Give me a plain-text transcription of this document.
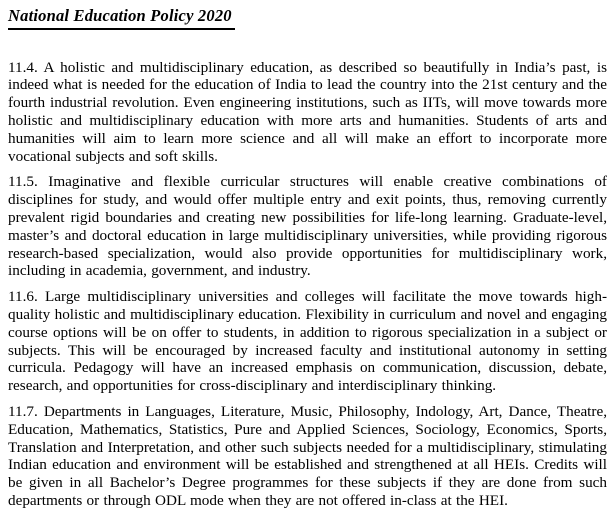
National Education Policy 2020

11.4. A holistic and multidisciplinary education, as described so beautifully in India’s past, is indeed what is needed for the education of India to lead the country into the 21st century and the fourth industrial revolution. Even engineering institutions, such as IITs, will move towards more holistic and multidisciplinary education with more arts and humanities. Students of arts and humanities will aim to learn more science and all will make an effort to incorporate more vocational subjects and soft skills.

11.5. Imaginative and flexible curricular structures will enable creative combinations of disciplines for study, and would offer multiple entry and exit points, thus, removing currently prevalent rigid boundaries and creating new possibilities for life-long learning. Graduate-level, master’s and doctoral education in large multidisciplinary universities, while providing rigorous research-based specialization, would also provide opportunities for multidisciplinary work, including in academia, government, and industry.

11.6. Large multidisciplinary universities and colleges will facilitate the move towards high-quality holistic and multidisciplinary education. Flexibility in curriculum and novel and engaging course options will be on offer to students, in addition to rigorous specialization in a subject or subjects. This will be encouraged by increased faculty and institutional autonomy in setting curricula. Pedagogy will have an increased emphasis on communication, discussion, debate, research, and opportunities for cross-disciplinary and interdisciplinary thinking.

11.7. Departments in Languages, Literature, Music, Philosophy, Indology, Art, Dance, Theatre, Education, Mathematics, Statistics, Pure and Applied Sciences, Sociology, Economics, Sports, Translation and Interpretation, and other such subjects needed for a multidisciplinary, stimulating Indian education and environment will be established and strengthened at all HEIs. Credits will be given in all Bachelor’s Degree programmes for these subjects if they are done from such departments or through ODL mode when they are not offered in-class at the HEI.
